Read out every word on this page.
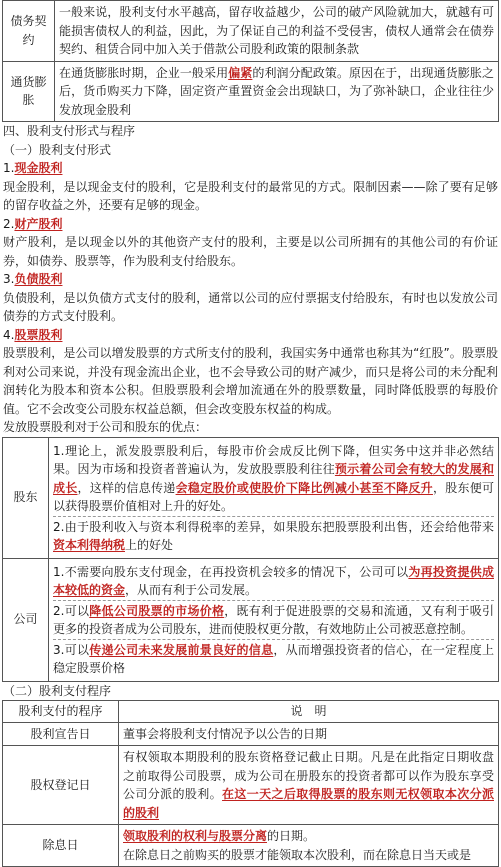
债务契约	一般来说，股利支付水平越高，留存收益越少，公司的破产风险就加大，就越有可能损害债权人的利益，因此，为了保证自己的利益不受侵害，债权人通常会在债券契约、租赁合同中加入关于借款公司股利政策的限制条款
通货膨胀	在通货膨胀时期，企业一般采用偏紧的利润分配政策。原因在于，出现通货膨胀之后，货币购买力下降，固定资产重置资金会出现缺口，为了弥补缺口，企业往往少发放现金股利
四、股利支付形式与程序
（一）股利支付形式
1.现金股利
现金股利，是以现金支付的股利，它是股利支付的最常见的方式。限制因素——除了要有足够的留存收益之外，还要有足够的现金。
2.财产股利
财产股利，是以现金以外的其他资产支付的股利，主要是以公司所拥有的其他公司的有价证券，如债券、股票等，作为股利支付给股东。
3.负债股利
负债股利，是以负债方式支付的股利，通常以公司的应付票据支付给股东，有时也以发放公司债券的方式支付股利。
4.股票股利
股票股利，是公司以增发股票的方式所支付的股利，我国实务中通常也称其为“红股”。股票股利对公司来说，并没有现金流出企业，也不会导致公司的财产减少，而只是将公司的未分配利润转化为股本和资本公积。但股票股利会增加流通在外的股票数量，同时降低股票的每股价值。它不会改变公司股东权益总额，但会改变股东权益的构成。
发放股票股利对于公司和股东的优点：
股东	1.理论上，派发股票股利后，每股市价会成反比例下降，但实务中这并非必然结果。因为市场和投资者普遍认为，发放股票股利往往预示着公司会有较大的发展和成长，这样的信息传递会稳定股价或使股价下降比例减小甚至不降反升，股东便可以获得股票价值相对上升的好处。
2.由于股利收入与资本利得税率的差异，如果股东把股票股利出售，还会给他带来资本利得纳税上的好处

公司	1.不需要向股东支付现金，在再投资机会较多的情况下，公司可以为再投资提供成本较低的资金，从而有利于公司发展。
2.可以降低公司股票的市场价格，既有利于促进股票的交易和流通，又有利于吸引更多的投资者成为公司股东，进而使股权更分散，有效地防止公司被恶意控制。
3.可以传递公司未来发展前景良好的信息，从而增强投资者的信心，在一定程度上稳定股票价格
（二）股利支付程序
股利支付的程序	说　明
股利宣告日	董事会将股利支付情况予以公告的日期
股权登记日	有权领取本期股利的股东资格登记截止日期。凡是在此指定日期收盘之前取得公司股票，成为公司在册股东的投资者都可以作为股东享受公司分派的股利。在这一天之后取得股票的股东则无权领取本次分派的股利
除息日	领取股利的权利与股票分离的日期。
在除息日之前购买的股票才能领取本次股利，而在除息日当天或是
